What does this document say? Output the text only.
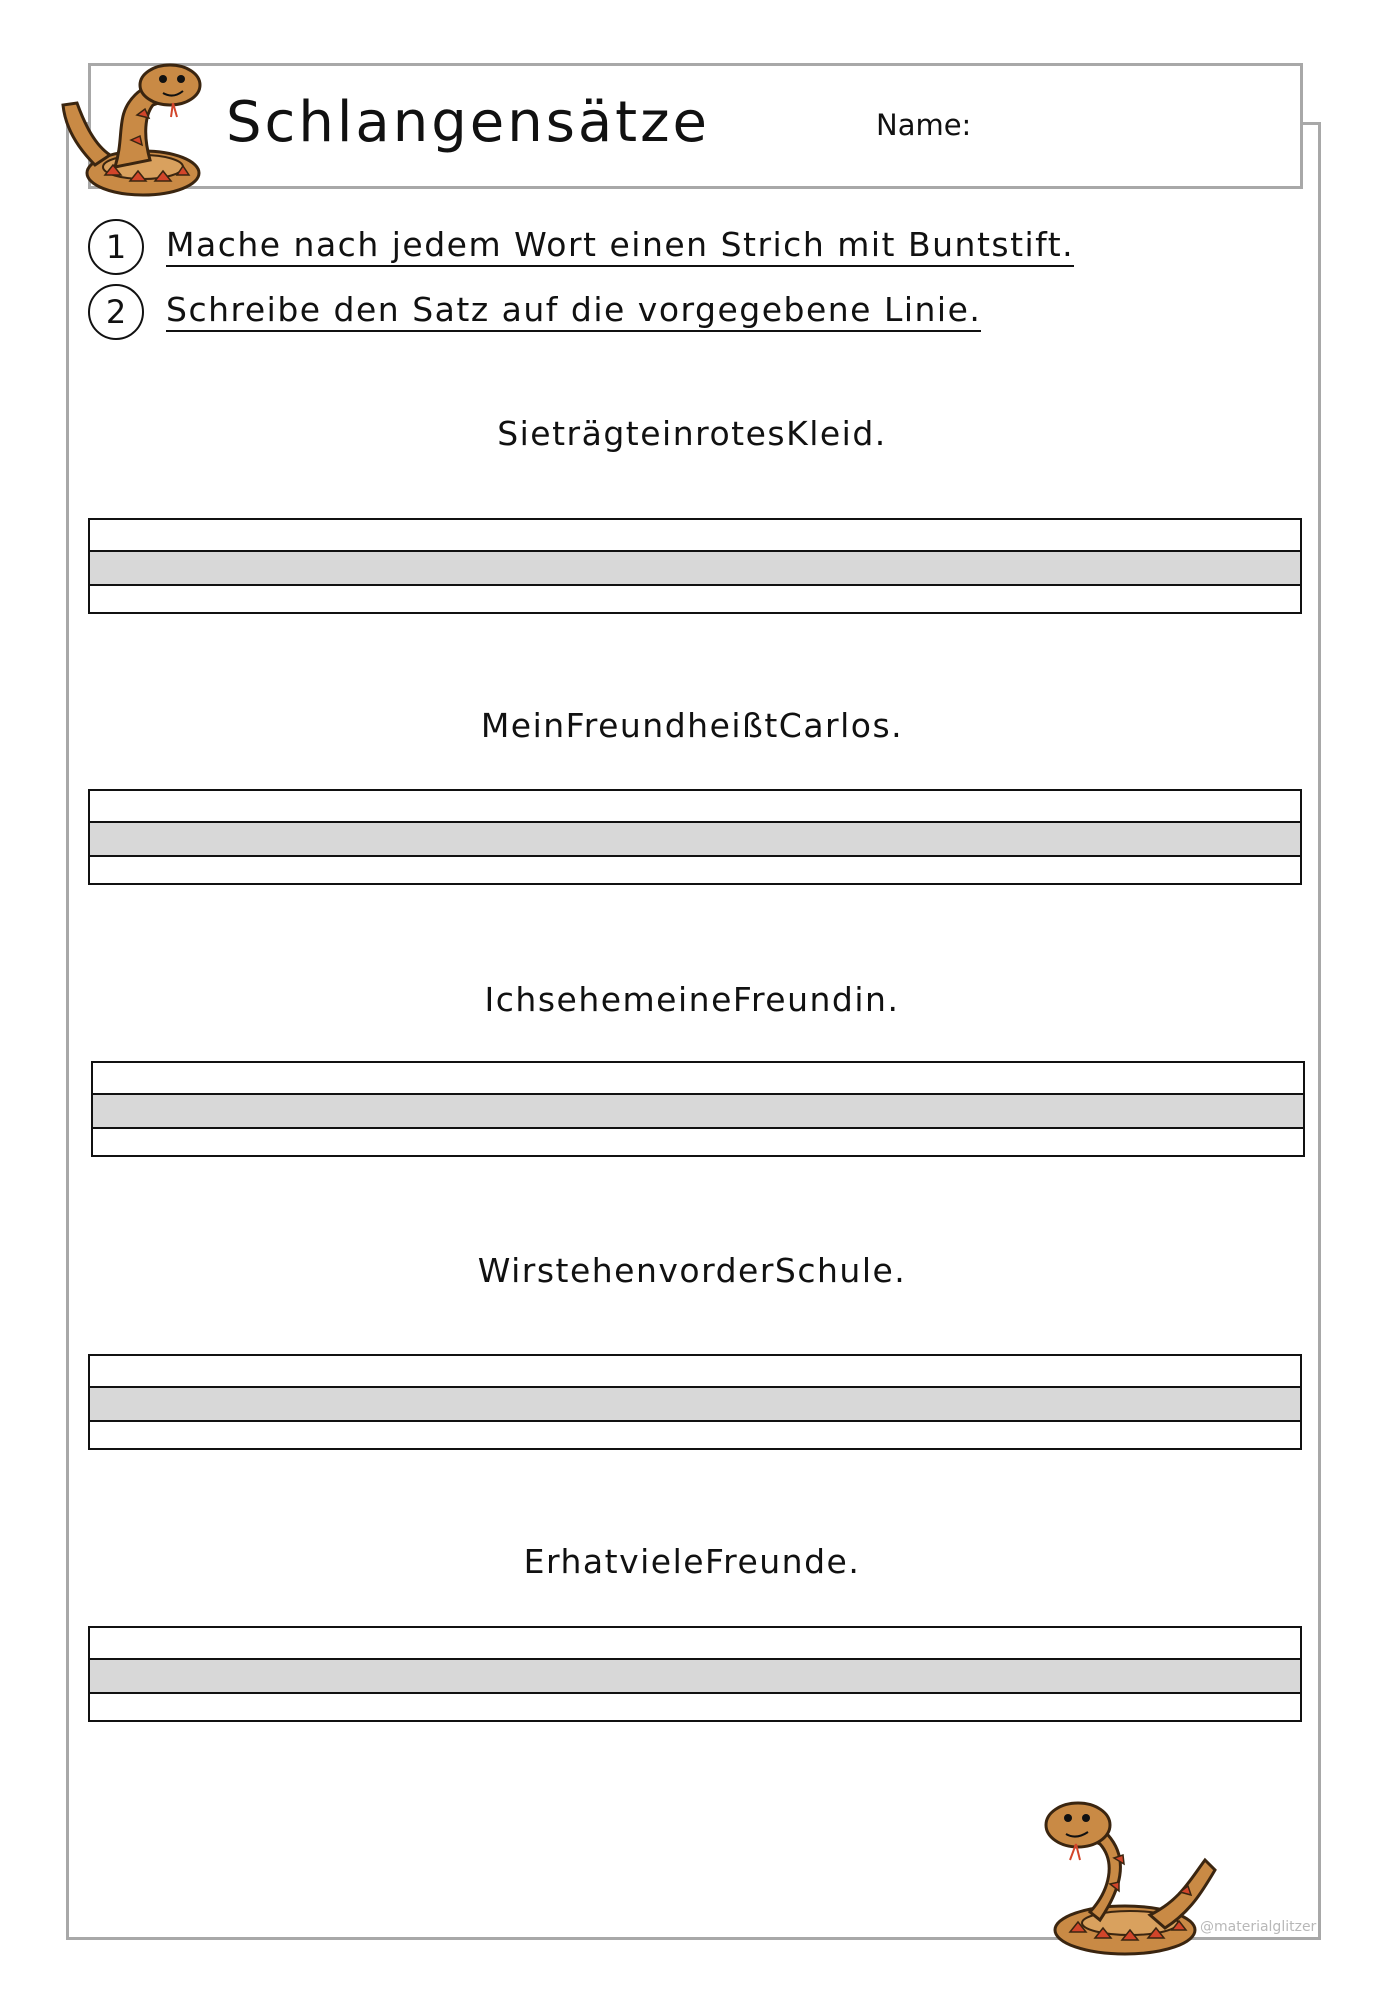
Schlangensätze	Name:
1	Mache nach jedem Wort einen Strich mit Buntstift.
2	Schreibe den Satz auf die vorgegebene Linie.
SieträgteinrotesKleid.
MeinFreundheißtCarlos.
IchsehemeineFreundin.
WirstehenvorderSchule.
ErhatvieleFreunde.
@materialglitzer
